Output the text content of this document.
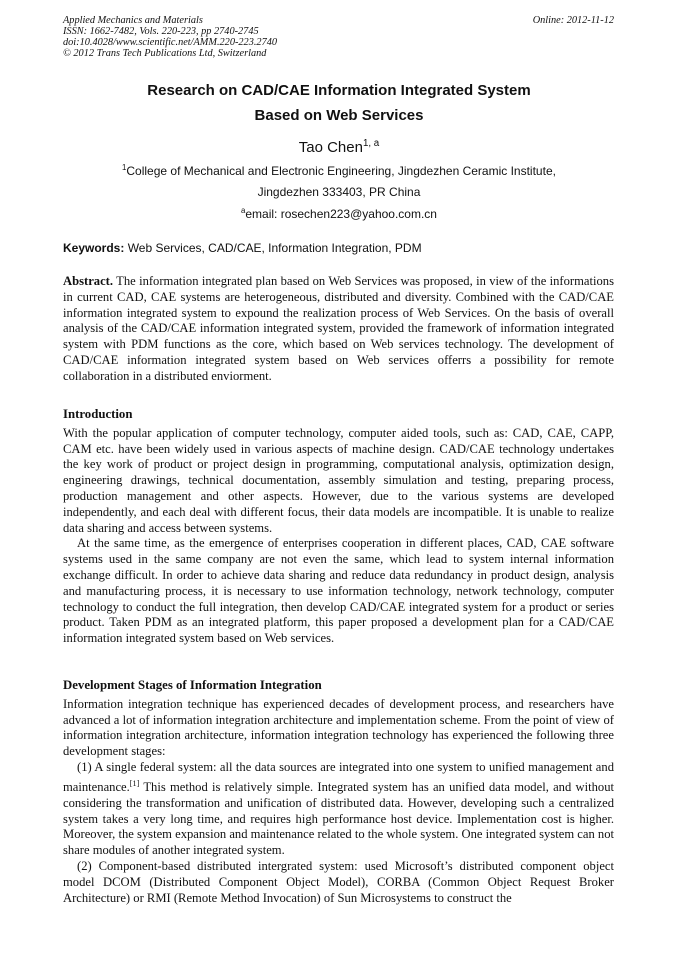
Applied Mechanics and Materials
ISSN: 1662-7482, Vols. 220-223, pp 2740-2745
doi:10.4028/www.scientific.net/AMM.220-223.2740
© 2012 Trans Tech Publications Ltd, Switzerland
Online: 2012-11-12
Research on CAD/CAE Information Integrated System
Based on Web Services
Tao Chen$^{1, a}$
$^1$College of Mechanical and Electronic Engineering, Jingdezhen Ceramic Institute,
Jingdezhen 333403, PR China
$^a$email: rosechen223@yahoo.com.cn
Keywords: Web Services, CAD/CAE, Information Integration, PDM

Abstract. The information integrated plan based on Web Services was proposed, in view of the informations in current CAD, CAE systems are heterogeneous, distributed and diversity. Combined with the CAD/CAE information integrated system to expound the realization process of Web Services. On the basis of overall analysis of the CAD/CAE information integrated system, provided the framework of information integrated system with PDM functions as the core, which based on Web services technology. The development of CAD/CAE information integrated system based on Web services offerrs a possibility for remote collaboration in a distributed enviorment.

Introduction

With the popular application of computer technology, computer aided tools, such as: CAD, CAE, CAPP, CAM etc. have been widely used in various aspects of machine design. CAD/CAE technology undertakes the key work of product or project design in programming, computational analysis, optimization design, engineering drawings, technical documentation, assembly simulation and testing, preparing process, production management and other aspects. However, due to the various systems are developed independently, and each deal with different focus, their data models are incompatible. It is unable to realize data sharing and access between systems.

At the same time, as the emergence of enterprises cooperation in different places, CAD, CAE software systems used in the same company are not even the same, which lead to system internal information exchange difficult. In order to achieve data sharing and reduce data redundancy in product design, analysis and manufacturing process, it is necessary to use information technology, network technology, computer technology to conduct the full integration, then develop CAD/CAE integrated system for a product or series product. Taken PDM as an integrated platform, this paper proposed a development plan for a CAD/CAE information integrated system based on Web services.

Development Stages of Information Integration

Information integration technique has experienced decades of development process, and researchers have advanced a lot of information integration architecture and implementation scheme. From the point of view of information integration architecture, information integration technology has experienced the following three development stages:

(1) A single federal system: all the data sources are integrated into one system to unified management and maintenance.[1] This method is relatively simple. Integrated system has an unified data model, and without considering the transformation and unification of distributed data. However, developing such a centralized system takes a very long time, and requires high performance host device. Implementation cost is higher. Moreover, the system expansion and maintenance related to the whole system. One integrated system can not share modules of another integrated system.

(2) Component-based distributed intergrated system: used Microsoft’s distributed component object model DCOM (Distributed Component Object Model), CORBA (Common Object Request Broker Architecture) or RMI (Remote Method Invocation) of Sun Microsystems to construct the
